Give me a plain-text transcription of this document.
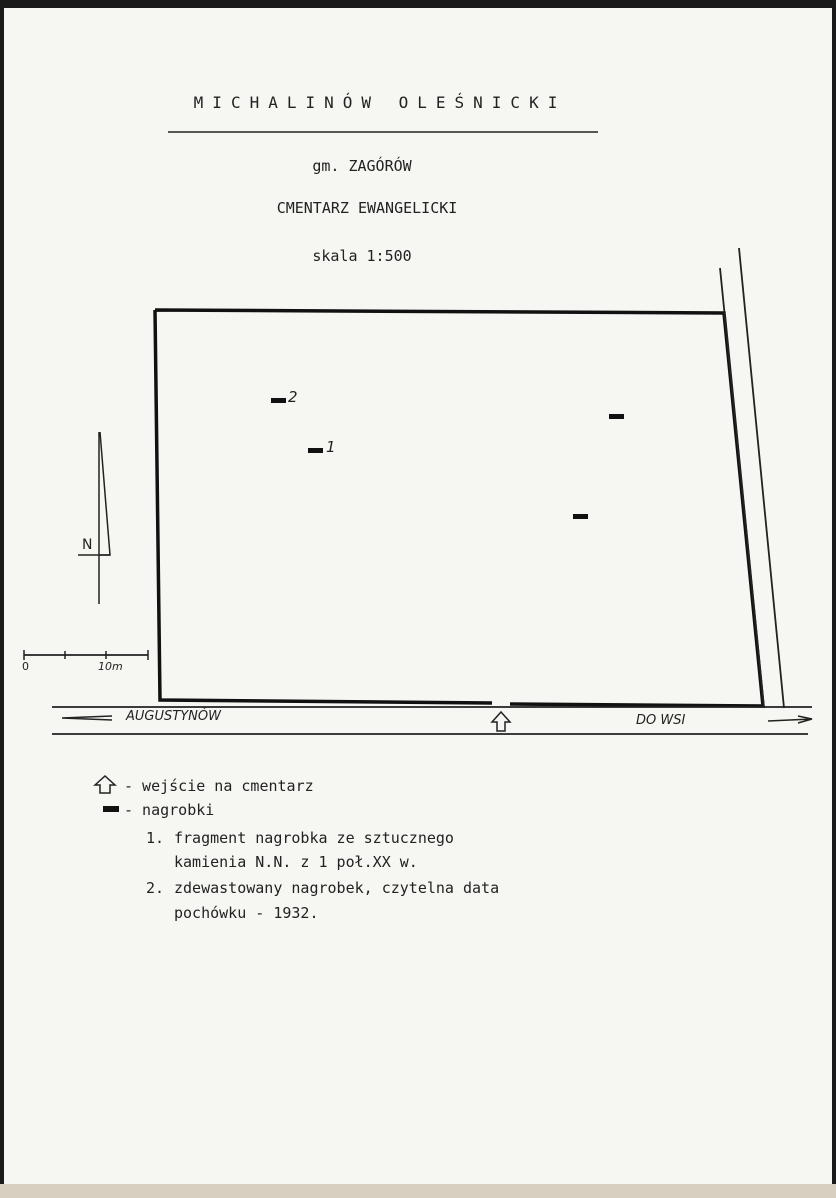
MICHALINÓW OLEŚNICKI
gm. ZAGÓRÓW
CMENTARZ EWANGELICKI
skala 1:500
2
1
N
0	10m
AUGUSTYNÓW	DO WSI
- wejście na cmentarz
- nagrobki
1. fragment nagrobka ze sztucznego
kamienia N.N. z 1 poł.XX w.
2. zdewastowany nagrobek, czytelna data
pochówku - 1932.
